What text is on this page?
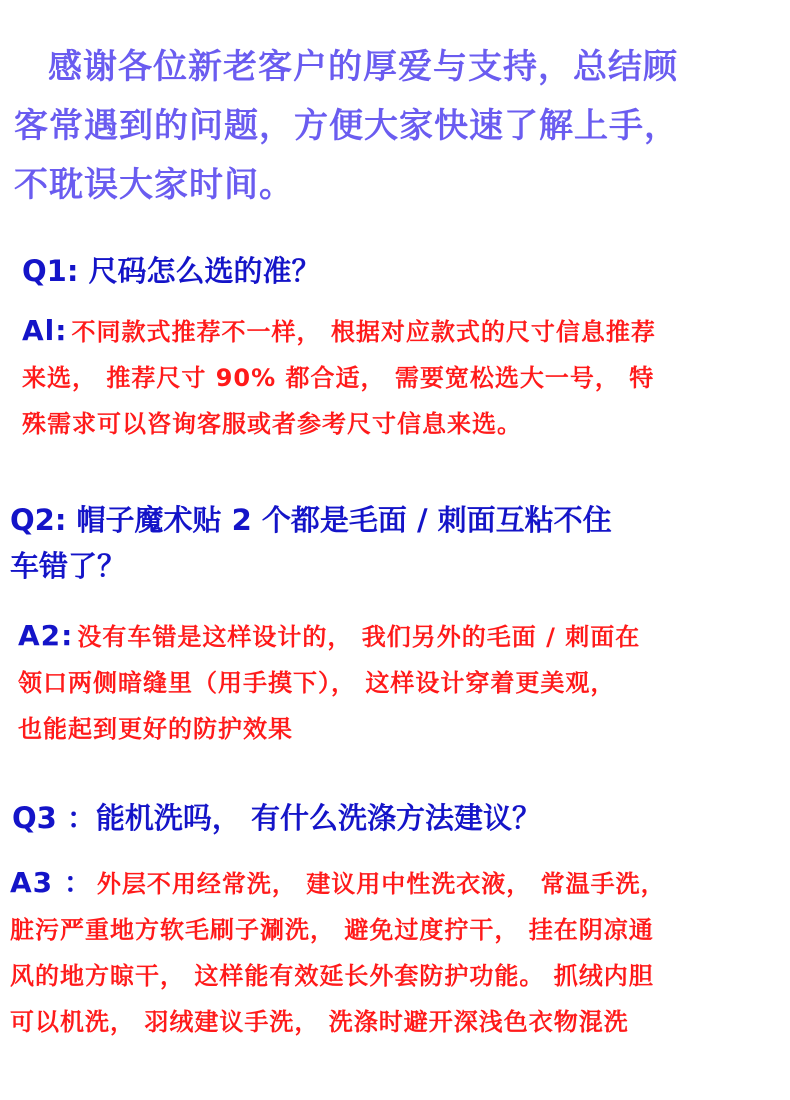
感谢各位新老客户的厚爱与支持，总结顾
客常遇到的问题，方便大家快速了解上手，
不耽误大家时间。
Q1: 尺码怎么选的准？
Al: 不同款式推荐不一样， 根据对应款式的尺寸信息推荐
来选， 推荐尺寸 90% 都合适， 需要宽松选大一号， 特
殊需求可以咨询客服或者参考尺寸信息来选。
Q2: 帽子魔术贴 2 个都是毛面 / 刺面互粘不住
车错了？
A2: 没有车错是这样设计的， 我们另外的毛面 / 刺面在
领口两侧暗缝里（用手摸下）， 这样设计穿着更美观，
也能起到更好的防护效果
Q3 ：能机洗吗， 有什么洗涤方法建议？
A3 ： 外层不用经常洗， 建议用中性洗衣液， 常温手洗，
脏污严重地方软毛刷子涮洗， 避免过度拧干， 挂在阴凉通
风的地方晾干， 这样能有效延长外套防护功能。 抓绒内胆
可以机洗， 羽绒建议手洗， 洗涤时避开深浅色衣物混洗
